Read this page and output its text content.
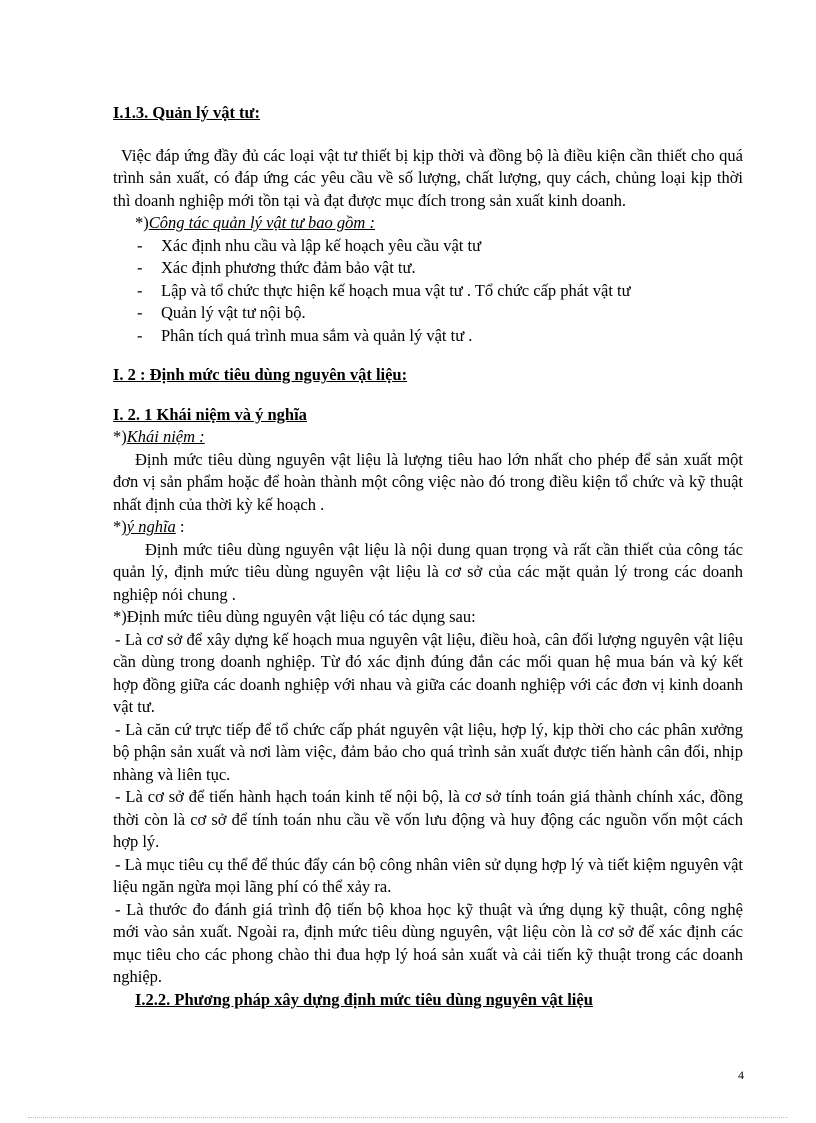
I.1.3. Quản lý vật tư:

Việc đáp ứng đầy đủ các loại vật tư thiết bị kịp thời và đồng bộ là điều kiện cần thiết cho quá trình sản xuất, có đáp ứng các yêu cầu về số lượng, chất lượng, quy cách, chủng loại kịp thời thì doanh nghiệp mới tồn tại và đạt được mục đích trong sản xuất kinh doanh.

*)Công tác quản lý vật tư bao gồm :
- Xác định nhu cầu và lập kế hoạch yêu cầu vật tư
- Xác định phương thức đảm bảo vật tư.
- Lập và tổ chức thực hiện kế hoạch mua vật tư . Tổ chức cấp phát vật tư
- Quản lý vật tư nội bộ.
- Phân tích quá trình mua sắm và quản lý vật tư .

I. 2 : Định mức tiêu dùng nguyên vật liệu:

I. 2. 1 Khái niệm và ý nghĩa

*)Khái niệm :

Định mức tiêu dùng nguyên vật liệu là lượng tiêu hao lớn nhất cho phép để sản xuất một đơn vị sản phẩm hoặc để hoàn thành một công việc nào đó trong điều kiện tổ chức và kỹ thuật nhất định của thời kỳ kế hoạch .

*)ý nghĩa :

Định mức tiêu dùng nguyên vật liệu là nội dung quan trọng và rất cần thiết của công tác quản lý, định mức tiêu dùng nguyên vật liệu là cơ sở của các mặt quản lý trong các doanh nghiệp nói chung .

*)Định mức tiêu dùng nguyên vật liệu có tác dụng sau:

- Là cơ sở để xây dựng kế hoạch mua nguyên vật liệu, điều hoà, cân đối lượng nguyên vật liệu cần dùng trong doanh nghiệp. Từ đó xác định đúng đắn các mối quan hệ mua bán và ký kết hợp đồng giữa các doanh nghiệp với nhau và giữa các doanh nghiệp với các đơn vị kinh doanh vật tư.

- Là căn cứ trực tiếp để tổ chức cấp phát nguyên vật liệu, hợp lý, kịp thời cho các phân xưởng bộ phận sản xuất và nơi làm việc, đảm bảo cho quá trình sản xuất được tiến hành cân đối, nhịp nhàng và liên tục.

- Là cơ sở để tiến hành hạch toán kinh tế nội bộ, là cơ sở tính toán giá thành chính xác, đồng thời còn là cơ sở để tính toán nhu cầu về vốn lưu động và huy động các nguồn vốn một cách hợp lý.

- Là mục tiêu cụ thể để thúc đẩy cán bộ công nhân viên sử dụng hợp lý và tiết kiệm nguyên vật liệu ngăn ngừa mọi lãng phí có thể xảy ra.

- Là thước đo đánh giá trình độ tiến bộ khoa học kỹ thuật và ứng dụng kỹ thuật, công nghệ mới vào sản xuất. Ngoài ra, định mức tiêu dùng nguyên, vật liệu còn là cơ sở để xác định các mục tiêu cho các phong chào thi đua hợp lý hoá sản xuất và cải tiến kỹ thuật trong các doanh nghiệp.

I.2.2. Phương pháp xây dựng định mức tiêu dùng nguyên vật liệu
4
